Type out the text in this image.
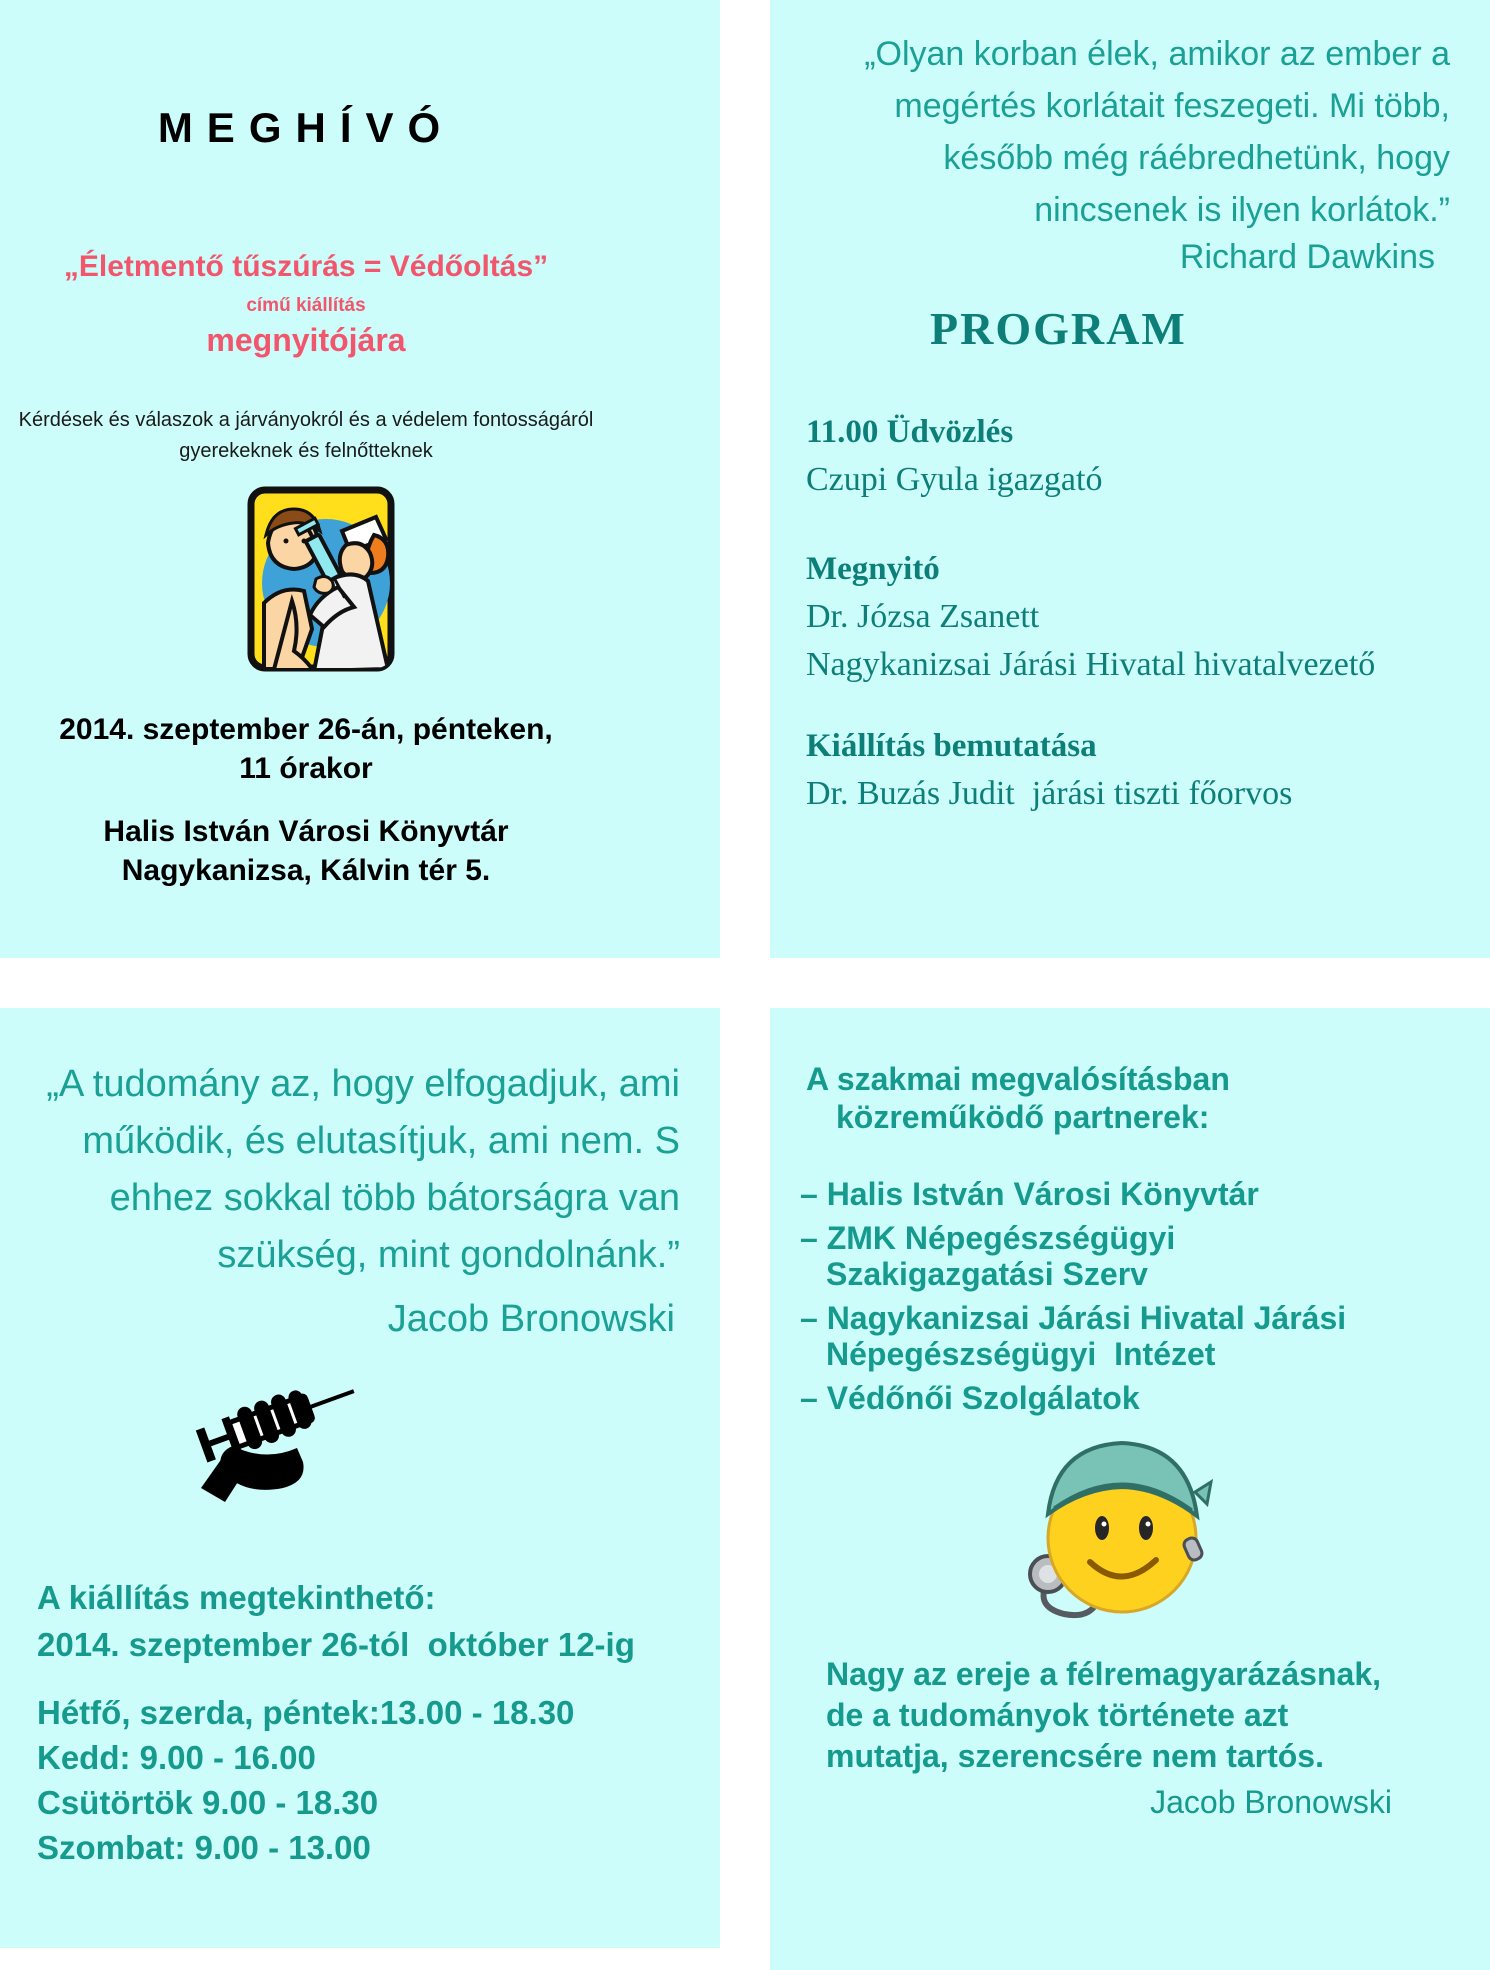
MEGHÍVÓ
„Életmentő tűszúrás = Védőoltás”
című kiállítás
megnyitójára
Kérdések és válaszok a járványokról és a védelem fontosságáról
gyerekeknek és felnőtteknek
2014. szeptember 26-án, pénteken,
11 órakor
Halis István Városi Könyvtár
Nagykanizsa, Kálvin tér 5.
„Olyan korban élek, amikor az ember a
megértés korlátait feszegeti. Mi több,
később még ráébredhetünk, hogy
nincsenek is ilyen korlátok.”
Richard Dawkins
PROGRAM
11.00 Üdvözlés
Czupi Gyula igazgató
Megnyitó
Dr. Józsa Zsanett
Nagykanizsai Járási Hivatal hivatalvezető
Kiállítás bemutatása
Dr. Buzás Judit  járási tiszti főorvos
„A tudomány az, hogy elfogadjuk, ami
működik, és elutasítjuk, ami nem. S
ehhez sokkal több bátorságra van
szükség, mint gondolnánk.”
Jacob Bronowski
A kiállítás megtekinthető:
2014. szeptember 26-tól  október 12-ig
Hétfő, szerda, péntek:13.00 - 18.30
Kedd: 9.00 - 16.00
Csütörtök 9.00 - 18.30
Szombat: 9.00 - 13.00
A szakmai megvalósításban
közreműködő partnerek:
– Halis István Városi Könyvtár
– ZMK Népegészségügyi
Szakigazgatási Szerv
– Nagykanizsai Járási Hivatal Járási
Népegészségügyi  Intézet
– Védőnői Szolgálatok
Nagy az ereje a félremagyarázásnak,
de a tudományok története azt
mutatja, szerencsére nem tartós.
Jacob Bronowski
